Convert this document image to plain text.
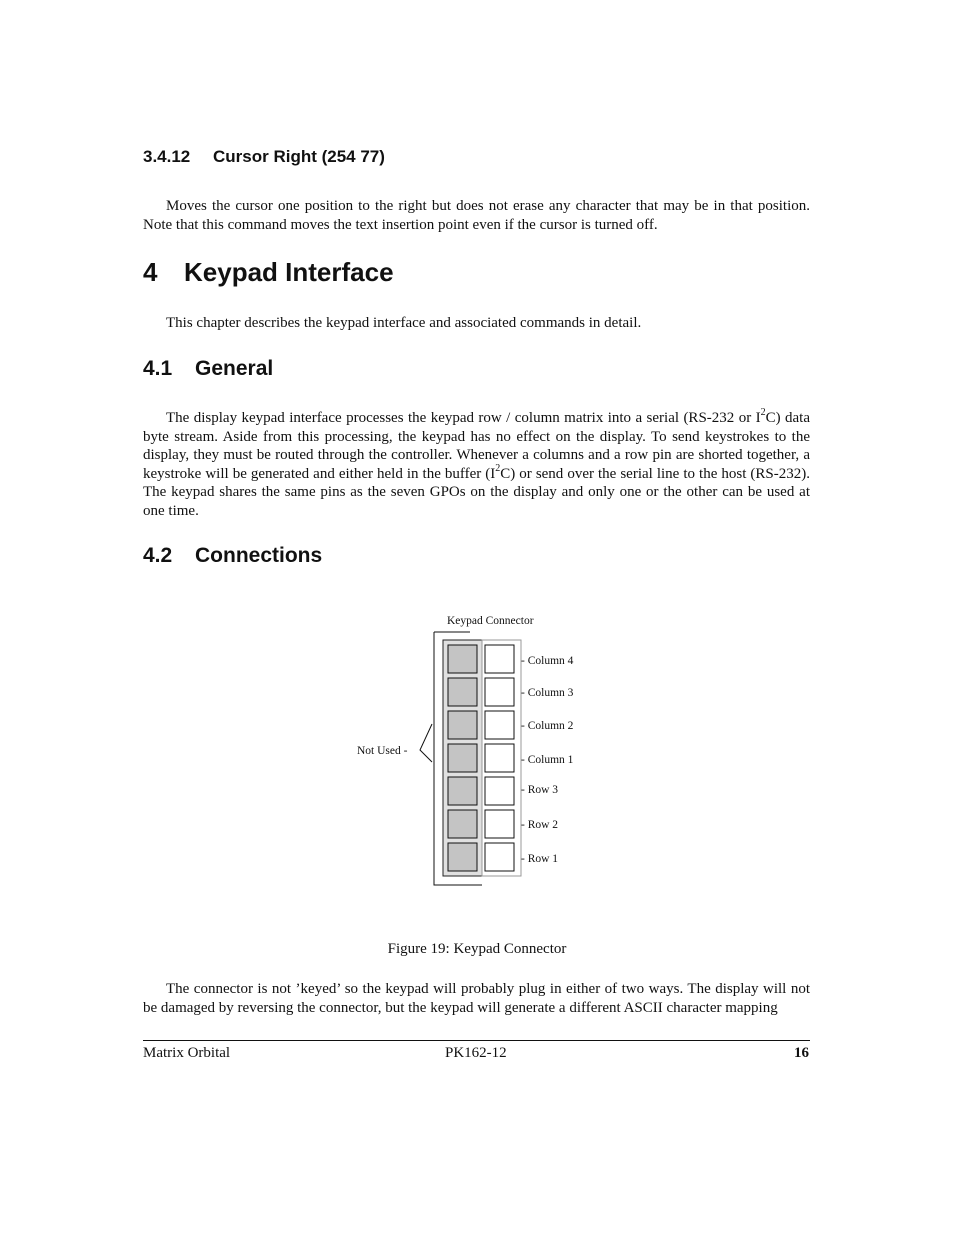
3.4.12 Cursor Right (254 77)

Moves the cursor one position to the right but does not erase any character that may be in that position. Note that this command moves the text insertion point even if the cursor is turned off.

4 Keypad Interface

This chapter describes the keypad interface and associated commands in detail.

4.1 General

The display keypad interface processes the keypad row / column matrix into a serial (RS-232 or $I^2C$) data byte stream. Aside from this processing, the keypad has no effect on the display. To send keystrokes to the display, they must be routed through the controller. Whenever a columns and a row pin are shorted together, a keystroke will be generated and either held in the buffer $(I^2C)$ or send over the serial line to the host (RS-232). The keypad shares the same pins as the seven GPOs on the display and only one or the other can be used at one time.

4.2 Connections
Keypad Connector
- Column 4
- Column 3
- Column 2
- Column 1
- Row 3
- Row 2
- Row 1
Not Used -
Figure 19: Keypad Connector

The connector is not ’keyed’ so the keypad will probably plug in either of two ways. The display will not be damaged by reversing the connector, but the keypad will generate a different ASCII character mapping

Matrix Orbital	PK162-12	16
